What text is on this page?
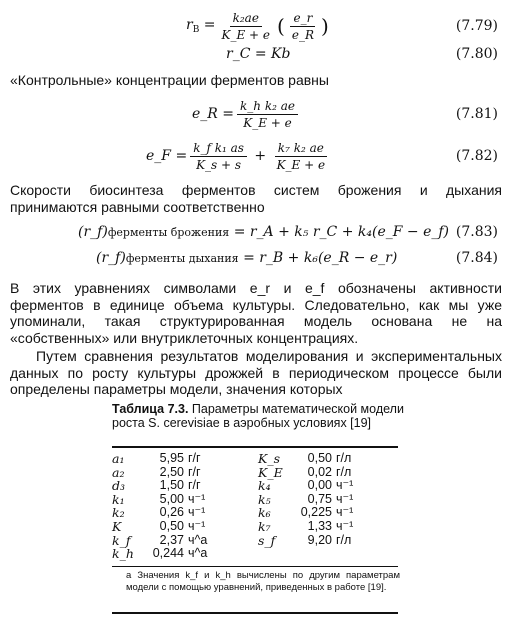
$r_B = \frac{\text{k₂ae}}{K\_E + e}$ ( $\frac{e\_r}{e\_R}$ )	(7.79)
r_C = Kb	(7.80)
«Контрольные» концентрации ферментов равны
e_R = $\frac{\text{k\_h k₂ ae}}{K\_E + e}$	(7.81)
e_F = $\frac{\text{k\_f k₁ as}}{K\_s + s} + \frac{\text{k₇ k₂ ae}}{K\_E + e}$	(7.82)
Скорости биосинтеза ферментов систем брожения и дыхания принимаются равными соответственно
(r_f) ферменты брожения
= r_A + k₅ r_C + k₄(e_F − e_f) (7.83)
(r_f) ферменты дыхания
= r_B + k₆(e_R − e_r)	(7.84)
В этих уравнениях символами e_r и e_f обозначены активности ферментов в единице объема культуры. Следовательно, как мы уже упоминали, такая структурированная модель основана не на «собственных» или внутриклеточных концентрациях.
Путем сравнения результатов моделирования и экспериментальных данных по росту культуры дрожжей в периодическом процессе были определены параметры модели, значения которых
Таблица 7.3. Параметры математической модели роста S. cerevisiae в аэробных условиях [19]
a₁	5,95	г/г	K_s	0,50	г/л
a₂	2,50	г/г	K_E	0,02	г/л
d₃	1,50	г/г	k₄	0,00	ч⁻¹
k₁	5,00	ч⁻¹	k₅	0,75	ч⁻¹
k₂	0,26	ч⁻¹	k₆	0,225	ч⁻¹
K	0,50	ч⁻¹	k₇	1,33	ч⁻¹
k_f	2,37	ч^а	s_f	9,20	г/л
k_h	0,244	ч^а			
а Значения k_f и k_h вычислены по другим параметрам модели с помощью уравнений, приведенных в работе [19].
